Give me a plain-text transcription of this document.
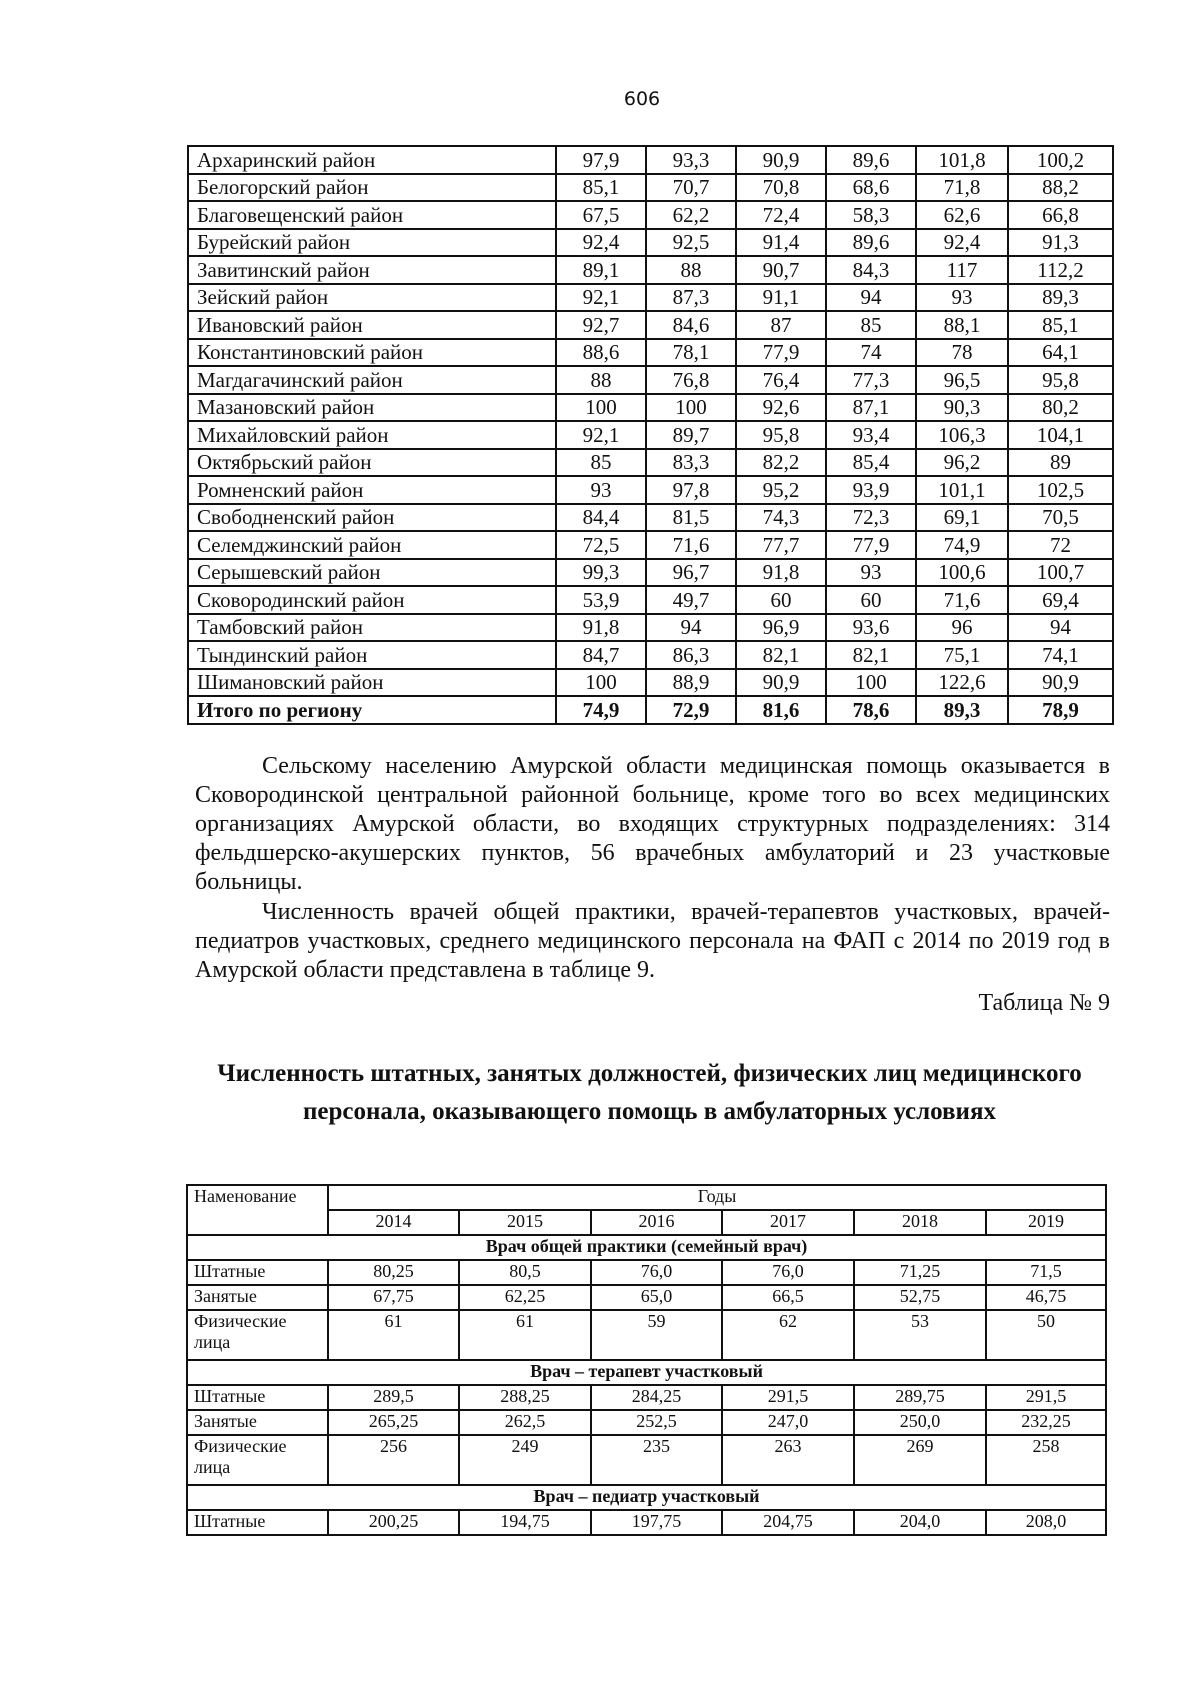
606
Архаринский район	97,9	93,3	90,9	89,6	101,8	100,2
Белогорский район	85,1	70,7	70,8	68,6	71,8	88,2
Благовещенский район	67,5	62,2	72,4	58,3	62,6	66,8
Бурейский район	92,4	92,5	91,4	89,6	92,4	91,3
Завитинский район	89,1	88	90,7	84,3	117	112,2
Зейский район	92,1	87,3	91,1	94	93	89,3
Ивановский район	92,7	84,6	87	85	88,1	85,1
Константиновский район	88,6	78,1	77,9	74	78	64,1
Магдагачинский район	88	76,8	76,4	77,3	96,5	95,8
Мазановский район	100	100	92,6	87,1	90,3	80,2
Михайловский район	92,1	89,7	95,8	93,4	106,3	104,1
Октябрьский район	85	83,3	82,2	85,4	96,2	89
Ромненский район	93	97,8	95,2	93,9	101,1	102,5
Свободненский район	84,4	81,5	74,3	72,3	69,1	70,5
Селемджинский район	72,5	71,6	77,7	77,9	74,9	72
Серышевский район	99,3	96,7	91,8	93	100,6	100,7
Сковородинский район	53,9	49,7	60	60	71,6	69,4
Тамбовский район	91,8	94	96,9	93,6	96	94
Тындинский район	84,7	86,3	82,1	82,1	75,1	74,1
Шимановский район	100	88,9	90,9	100	122,6	90,9
Итого по региону	74,9	72,9	81,6	78,6	89,3	78,9

Сельскому населению Амурской области медицинская помощь оказывается в Сковородинской центральной районной больнице, кроме того во всех медицинских организациях Амурской области, во входящих структурных подразделениях: 314 фельдшерско-акушерских пунктов, 56 врачебных амбулаторий и 23 участковые больницы.

Численность врачей общей практики, врачей-терапевтов участковых, врачей-педиатров участковых, среднего медицинского персонала на ФАП с 2014 по 2019 год в Амурской области представлена в таблице 9.

Таблица № 9

Численность штатных, занятых должностей, физических лиц медицинского персонала, оказывающего помощь в амбулаторных условиях

Наменование	Годы					
	2014	2015	2016	2017	2018	2019
Врач общей практики (семейный врач)						
Штатные	80,25	80,5	76,0	76,0	71,25	71,5
Занятые	67,75	62,25	65,0	66,5	52,75	46,75
Физические лица	61	61	59	62	53	50
Врач – терапевт участковый						
Штатные	289,5	288,25	284,25	291,5	289,75	291,5
Занятые	265,25	262,5	252,5	247,0	250,0	232,25
Физические лица	256	249	235	263	269	258
Врач – педиатр участковый						
Штатные	200,25	194,75	197,75	204,75	204,0	208,0
